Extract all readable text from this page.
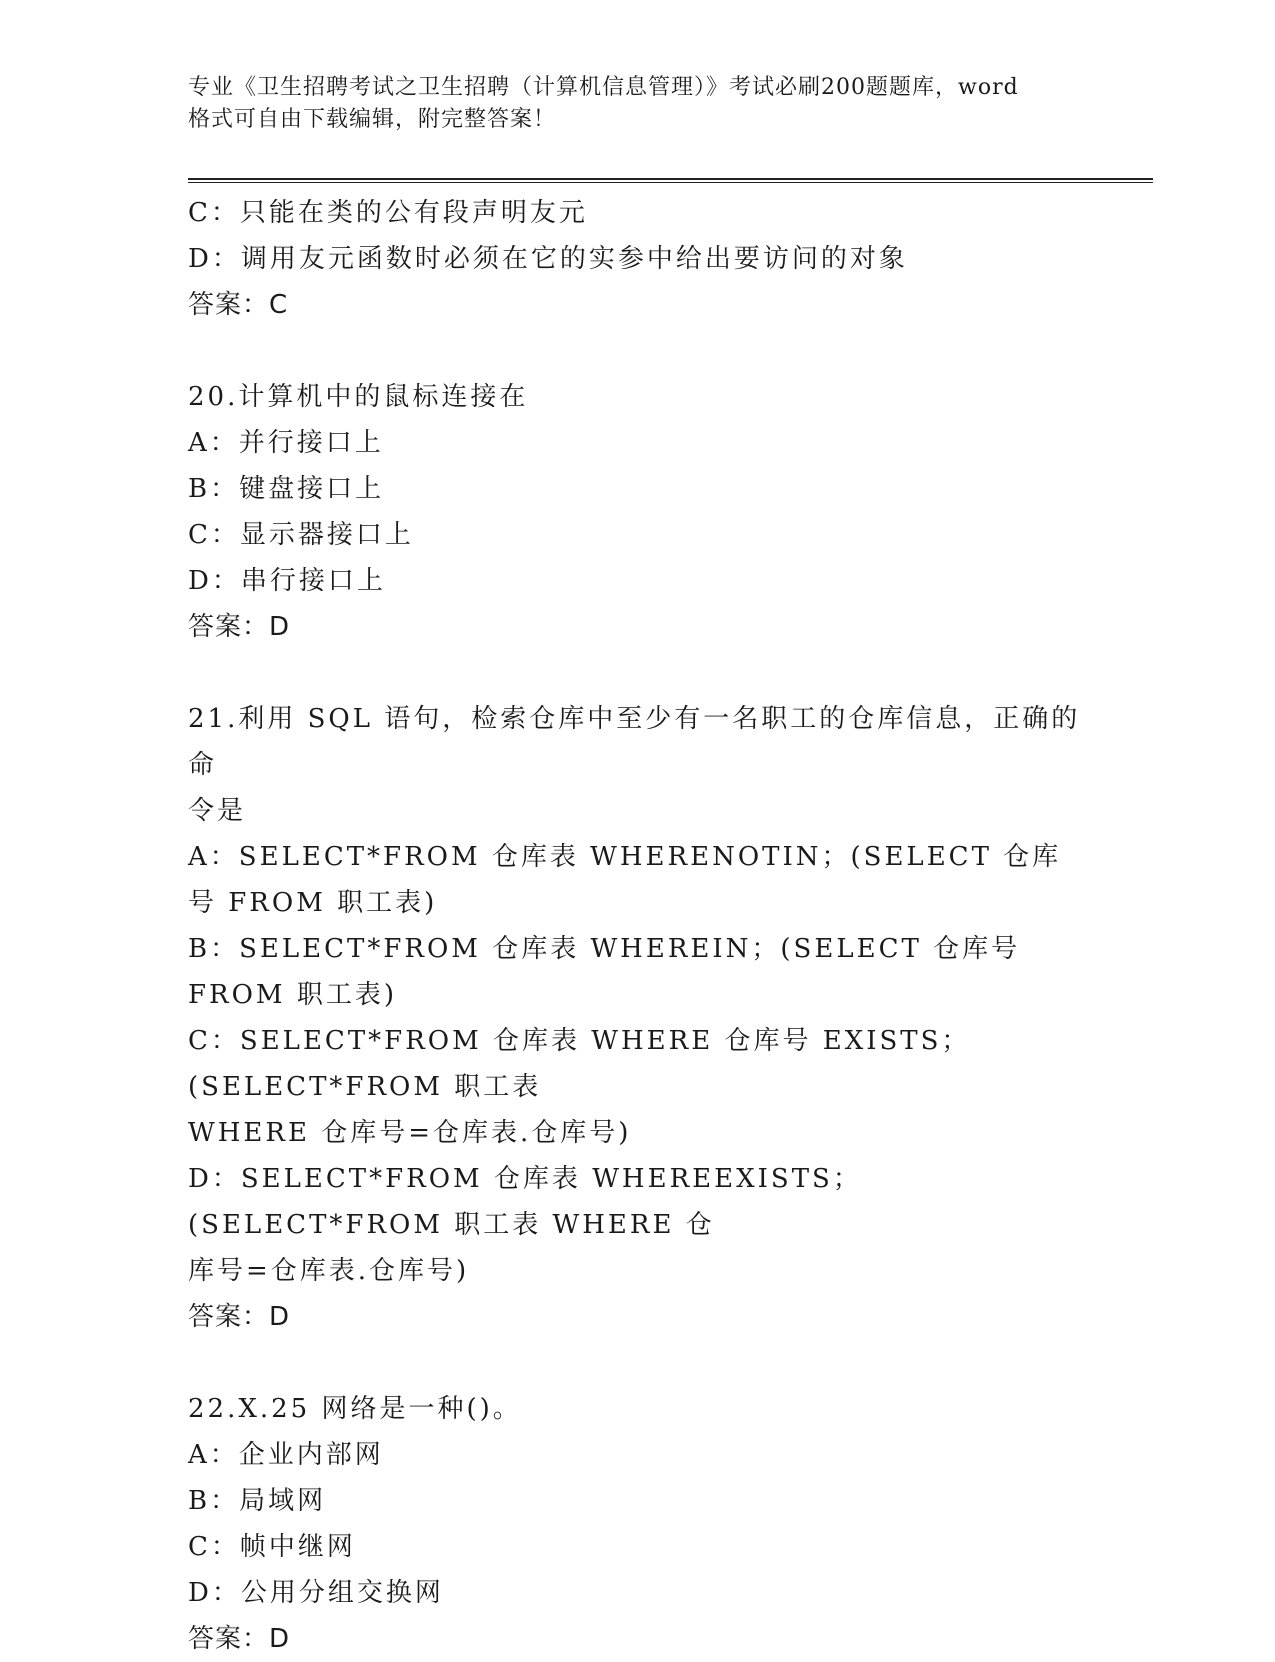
专业《卫生招聘考试之卫生招聘（计算机信息管理）》考试必刷200题题库，word
格式可自由下载编辑，附完整答案！
C：只能在类的公有段声明友元
D：调用友元函数时必须在它的实参中给出要访问的对象
答案：C
20.计算机中的鼠标连接在
A：并行接口上
B：键盘接口上
C：显示器接口上
D：串行接口上
答案：D
21.利用 SQL 语句，检索仓库中至少有一名职工的仓库信息，正确的命
令是
A：SELECT*FROM 仓库表 WHERENOTIN；(SELECT 仓库号 FROM 职工表)
B：SELECT*FROM 仓库表 WHEREIN；(SELECT 仓库号 FROM 职工表)
C：SELECT*FROM 仓库表 WHERE 仓库号 EXISTS；(SELECT*FROM 职工表
WHERE 仓库号=仓库表.仓库号)
D：SELECT*FROM 仓库表 WHEREEXISTS；(SELECT*FROM 职工表 WHERE 仓
库号=仓库表.仓库号)
答案：D
22.X.25 网络是一种()。
A：企业内部网
B：局域网
C：帧中继网
D：公用分组交换网
答案：D
